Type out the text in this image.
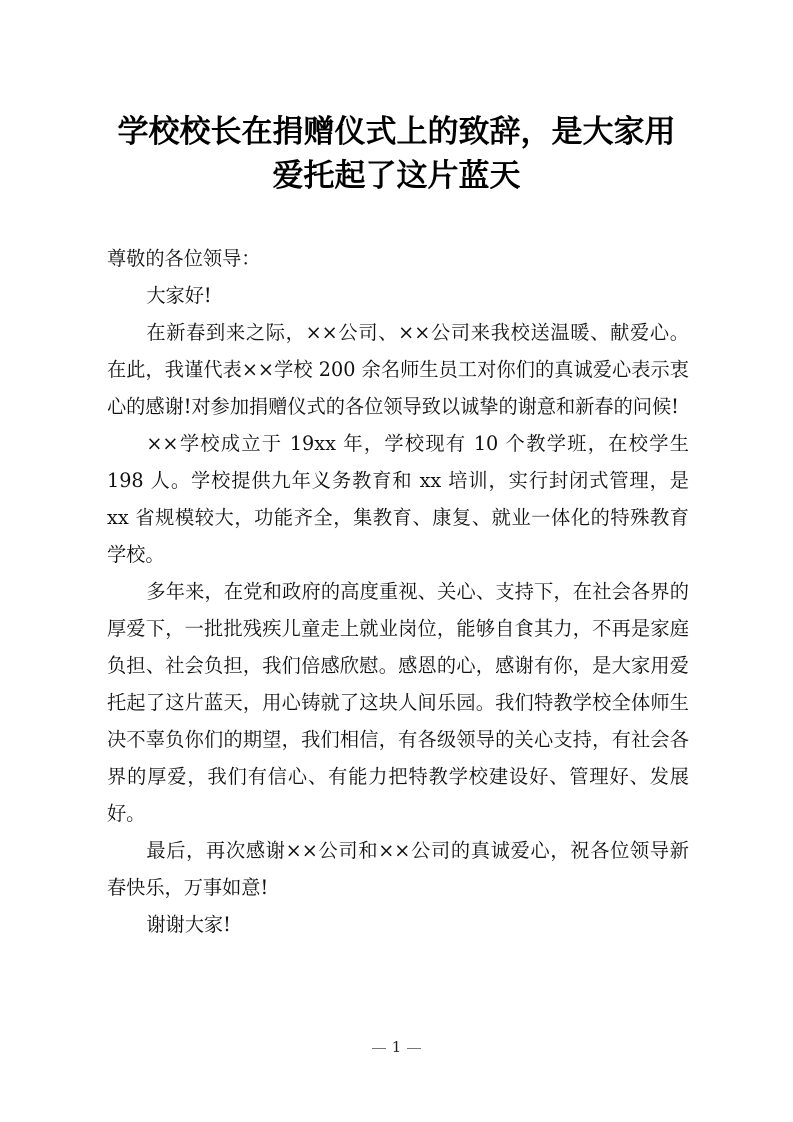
学校校长在捐赠仪式上的致辞，是大家用
爱托起了这片蓝天

尊敬的各位领导：

大家好!

在新春到来之际，××公司、××公司来我校送温暖、献爱心。在此，我谨代表××学校 200 余名师生员工对你们的真诚爱心表示衷心的感谢!对参加捐赠仪式的各位领导致以诚挚的谢意和新春的问候!

××学校成立于 19xx 年，学校现有 10 个教学班，在校学生 198 人。学校提供九年义务教育和 xx 培训，实行封闭式管理，是 xx 省规模较大，功能齐全，集教育、康复、就业一体化的特殊教育学校。

多年来，在党和政府的高度重视、关心、支持下，在社会各界的厚爱下，一批批残疾儿童走上就业岗位，能够自食其力，不再是家庭负担、社会负担，我们倍感欣慰。感恩的心，感谢有你，是大家用爱托起了这片蓝天，用心铸就了这块人间乐园。我们特教学校全体师生决不辜负你们的期望，我们相信，有各级领导的关心支持，有社会各界的厚爱，我们有信心、有能力把特教学校建设好、管理好、发展好。

最后，再次感谢××公司和××公司的真诚爱心，祝各位领导新春快乐，万事如意!

谢谢大家!

1
